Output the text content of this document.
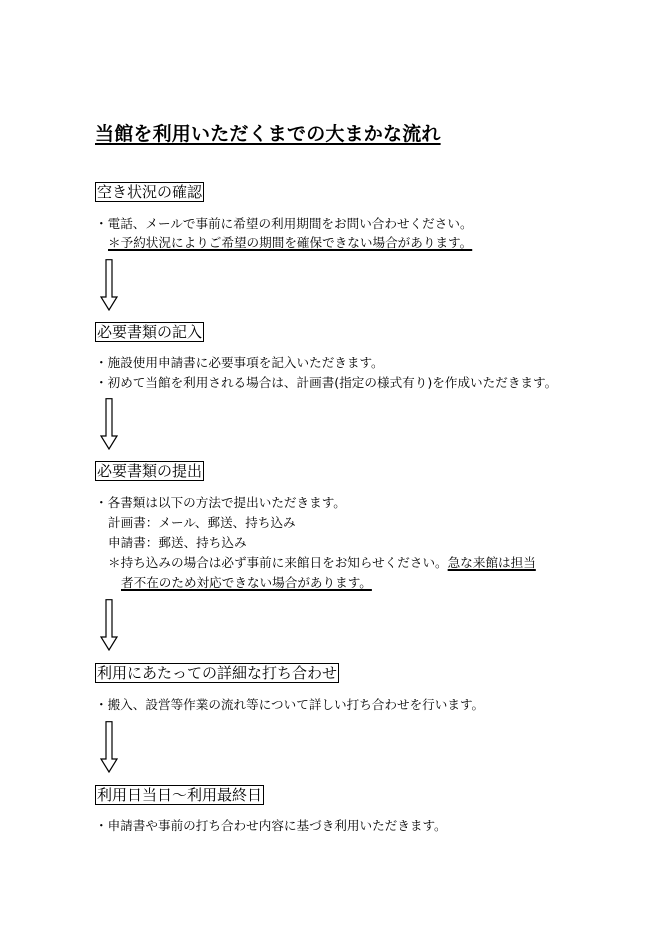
当館を利用いただくまでの大まかな流れ
空き状況の確認
・電話、メールで事前に希望の利用期間をお問い合わせください。
＊予約状況によりご希望の期間を確保できない場合があります。
必要書類の記入
・施設使用申請書に必要事項を記入いただきます。
・初めて当館を利用される場合は、計画書(指定の様式有り)を作成いただきます。
必要書類の提出
・各書類は以下の方法で提出いただきます。
計画書：メール、郵送、持ち込み
申請書：郵送、持ち込み
＊持ち込みの場合は必ず事前に来館日をお知らせください。急な来館は担当
者不在のため対応できない場合があります。
利用にあたっての詳細な打ち合わせ
・搬入、設営等作業の流れ等について詳しい打ち合わせを行います。
利用日当日～利用最終日
・申請書や事前の打ち合わせ内容に基づき利用いただきます。
